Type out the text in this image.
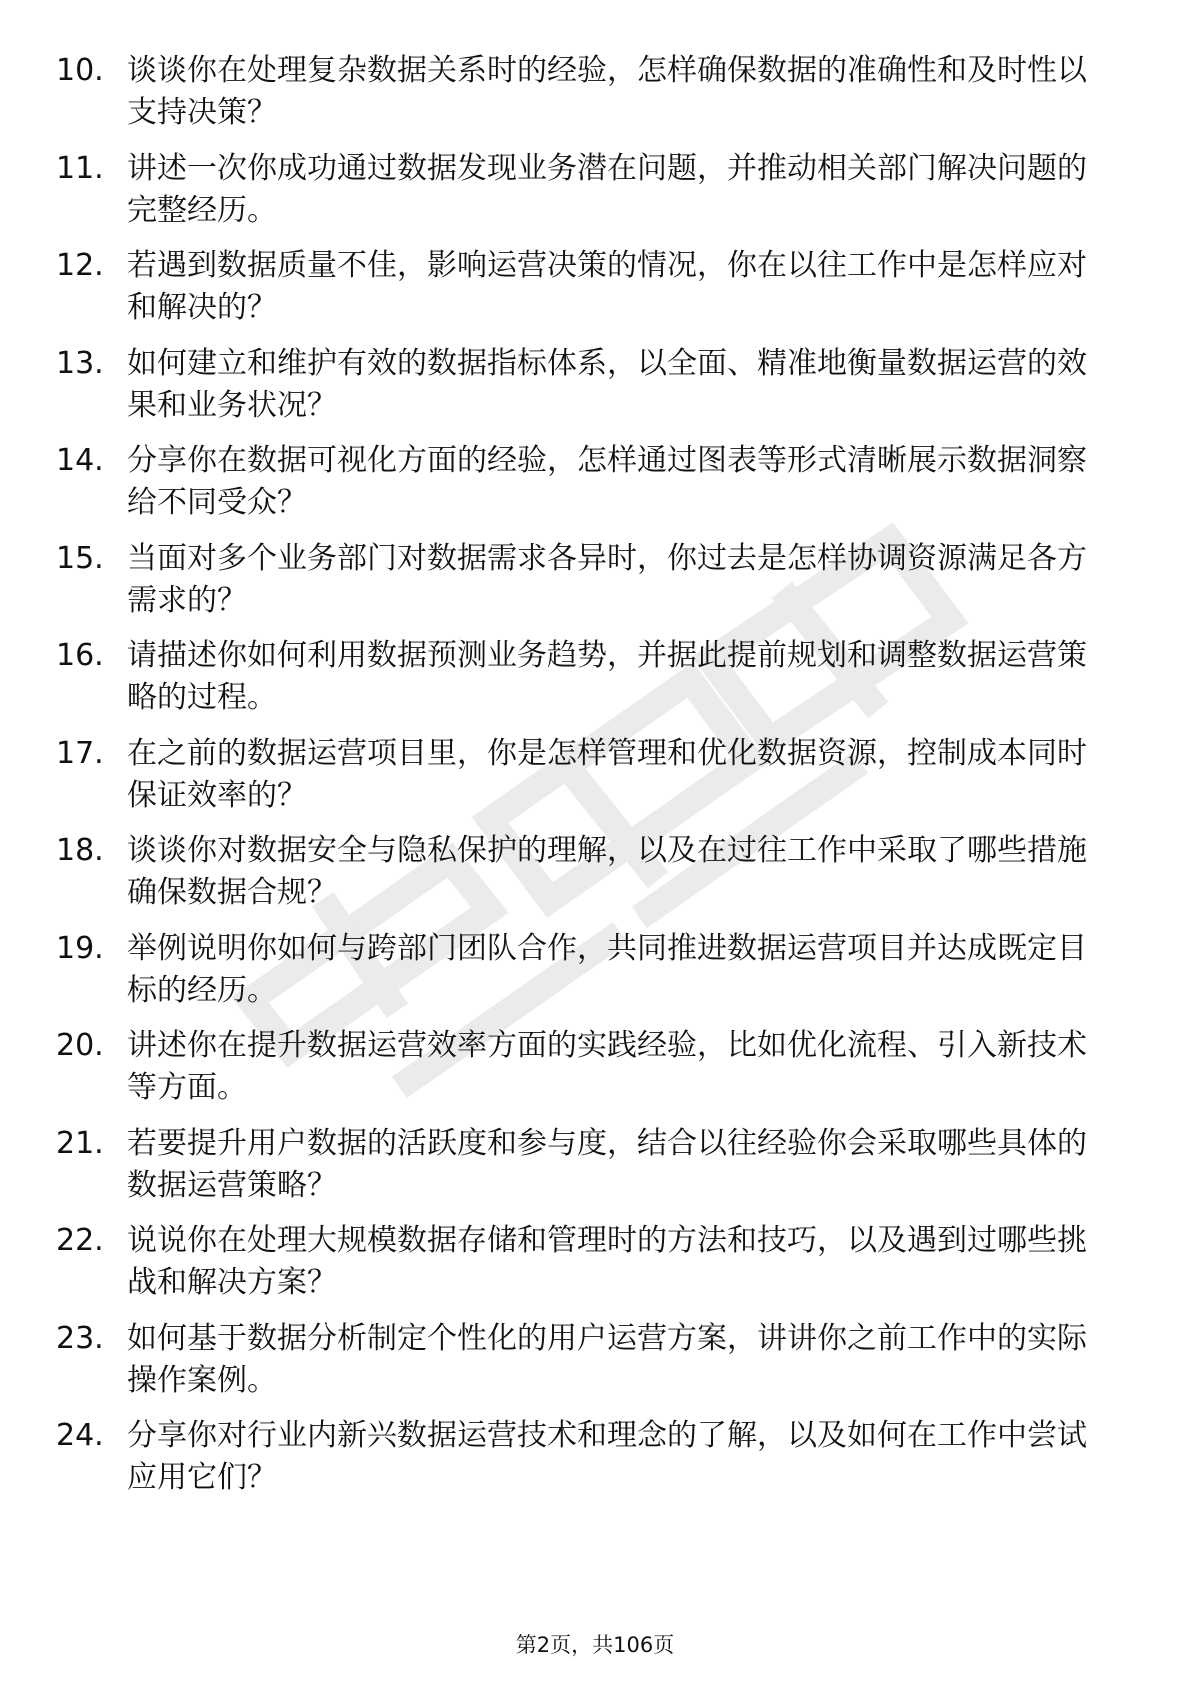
10. 谈谈你在处理复杂数据关系时的经验，怎样确保数据的准确性和及时性以支持决策？
11. 讲述一次你成功通过数据发现业务潜在问题，并推动相关部门解决问题的完整经历。
12. 若遇到数据质量不佳，影响运营决策的情况，你在以往工作中是怎样应对和解决的？
13. 如何建立和维护有效的数据指标体系，以全面、精准地衡量数据运营的效果和业务状况？
14. 分享你在数据可视化方面的经验，怎样通过图表等形式清晰展示数据洞察给不同受众？
15. 当面对多个业务部门对数据需求各异时，你过去是怎样协调资源满足各方需求的？
16. 请描述你如何利用数据预测业务趋势，并据此提前规划和调整数据运营策略的过程。
17. 在之前的数据运营项目里，你是怎样管理和优化数据资源，控制成本同时保证效率的？
18. 谈谈你对数据安全与隐私保护的理解，以及在过往工作中采取了哪些措施确保数据合规？
19. 举例说明你如何与跨部门团队合作，共同推进数据运营项目并达成既定目标的经历。
20. 讲述你在提升数据运营效率方面的实践经验，比如优化流程、引入新技术等方面。
21. 若要提升用户数据的活跃度和参与度，结合以往经验你会采取哪些具体的数据运营策略？
22. 说说你在处理大规模数据存储和管理时的方法和技巧，以及遇到过哪些挑战和解决方案？
23. 如何基于数据分析制定个性化的用户运营方案，讲讲你之前工作中的实际操作案例。
24. 分享你对行业内新兴数据运营技术和理念的了解，以及如何在工作中尝试应用它们？
第2页，共106页
